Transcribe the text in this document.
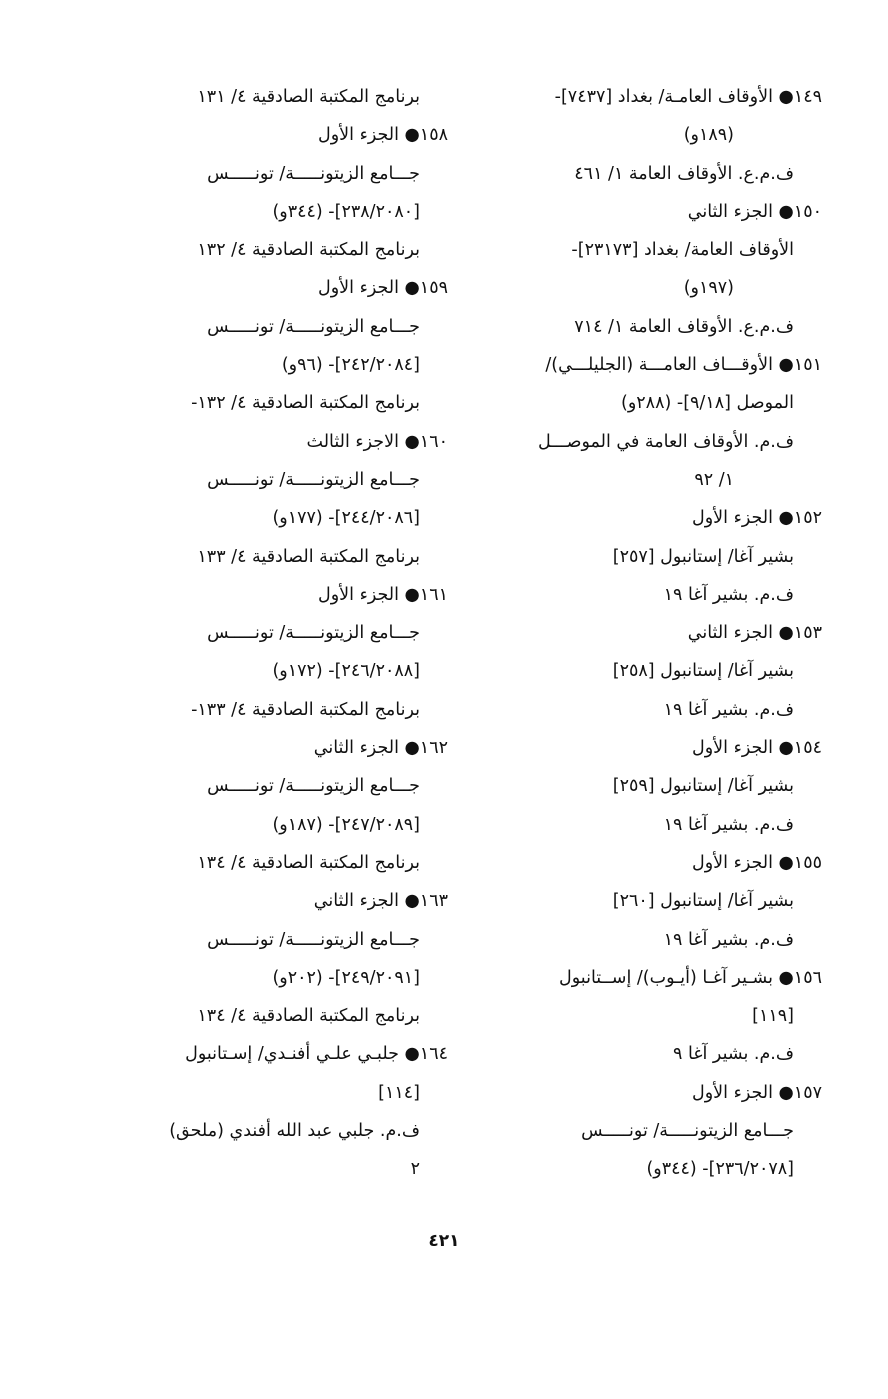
١٤٩● الأوقاف العامـة/ بغداد [٧٤٣٧]-
(١٨٩و)
ف.م.ع. الأوقاف العامة ١/ ٤٦١
١٥٠● الجزء الثاني
الأوقاف العامة/ بغداد [٢٣١٧٣]-
(١٩٧و)
ف.م.ع. الأوقاف العامة ١/ ٧١٤
١٥١● الأوقـــاف العامـــة (الجليلـــي)/
الموصل [٩/١٨]- (٢٨٨و)
ف.م. الأوقاف العامة في الموصـــل
١/ ٩٢
١٥٢● الجزء الأول
بشير آغا/ إستانبول [٢٥٧]
ف.م. بشير آغا ١٩
١٥٣● الجزء الثاني
بشير آغا/ إستانبول [٢٥٨]
ف.م. بشير آغا ١٩
١٥٤● الجزء الأول
بشير آغا/ إستانبول [٢٥٩]
ف.م. بشير آغا ١٩
١٥٥● الجزء الأول
بشير آغا/ إستانبول [٢٦٠]
ف.م. بشير آغا ١٩
١٥٦● بشـير آغـا (أيـوب)/ إســتانبول
[١١٩]
ف.م. بشير آغا ٩
١٥٧● الجزء الأول
جـــامع الزيتونـــــة/ تونـــــس
[٢٣٦/٢٠٧٨]- (٣٤٤و)
برنامج المكتبة الصادقية ٤/ ١٣١
١٥٨● الجزء الأول
جـــامع الزيتونـــــة/ تونـــــس
[٢٣٨/٢٠٨٠]- (٣٤٤و)
برنامج المكتبة الصادقية ٤/ ١٣٢
١٥٩● الجزء الأول
جـــامع الزيتونـــــة/ تونـــــس
[٢٤٢/٢٠٨٤]- (٩٦و)
برنامج المكتبة الصادقية ٤/ ١٣٢-
١٦٠● الاجزء الثالث
جـــامع الزيتونـــــة/ تونـــــس
[٢٤٤/٢٠٨٦]- (١٧٧و)
برنامج المكتبة الصادقية ٤/ ١٣٣
١٦١● الجزء الأول
جـــامع الزيتونـــــة/ تونـــــس
[٢٤٦/٢٠٨٨]- (١٧٢و)
برنامج المكتبة الصادقية ٤/ ١٣٣-
١٦٢● الجزء الثاني
جـــامع الزيتونـــــة/ تونـــــس
[٢٤٧/٢٠٨٩]- (١٨٧و)
برنامج المكتبة الصادقية ٤/ ١٣٤
١٦٣● الجزء الثاني
جـــامع الزيتونـــــة/ تونـــــس
[٢٤٩/٢٠٩١]- (٢٠٢و)
برنامج المكتبة الصادقية ٤/ ١٣٤
١٦٤● جلبـي علـي أفنـدي/ إسـتانبول
[١١٤]
ف.م. جلبي عبد الله أفندي (ملحق)
٢
٤٢١
